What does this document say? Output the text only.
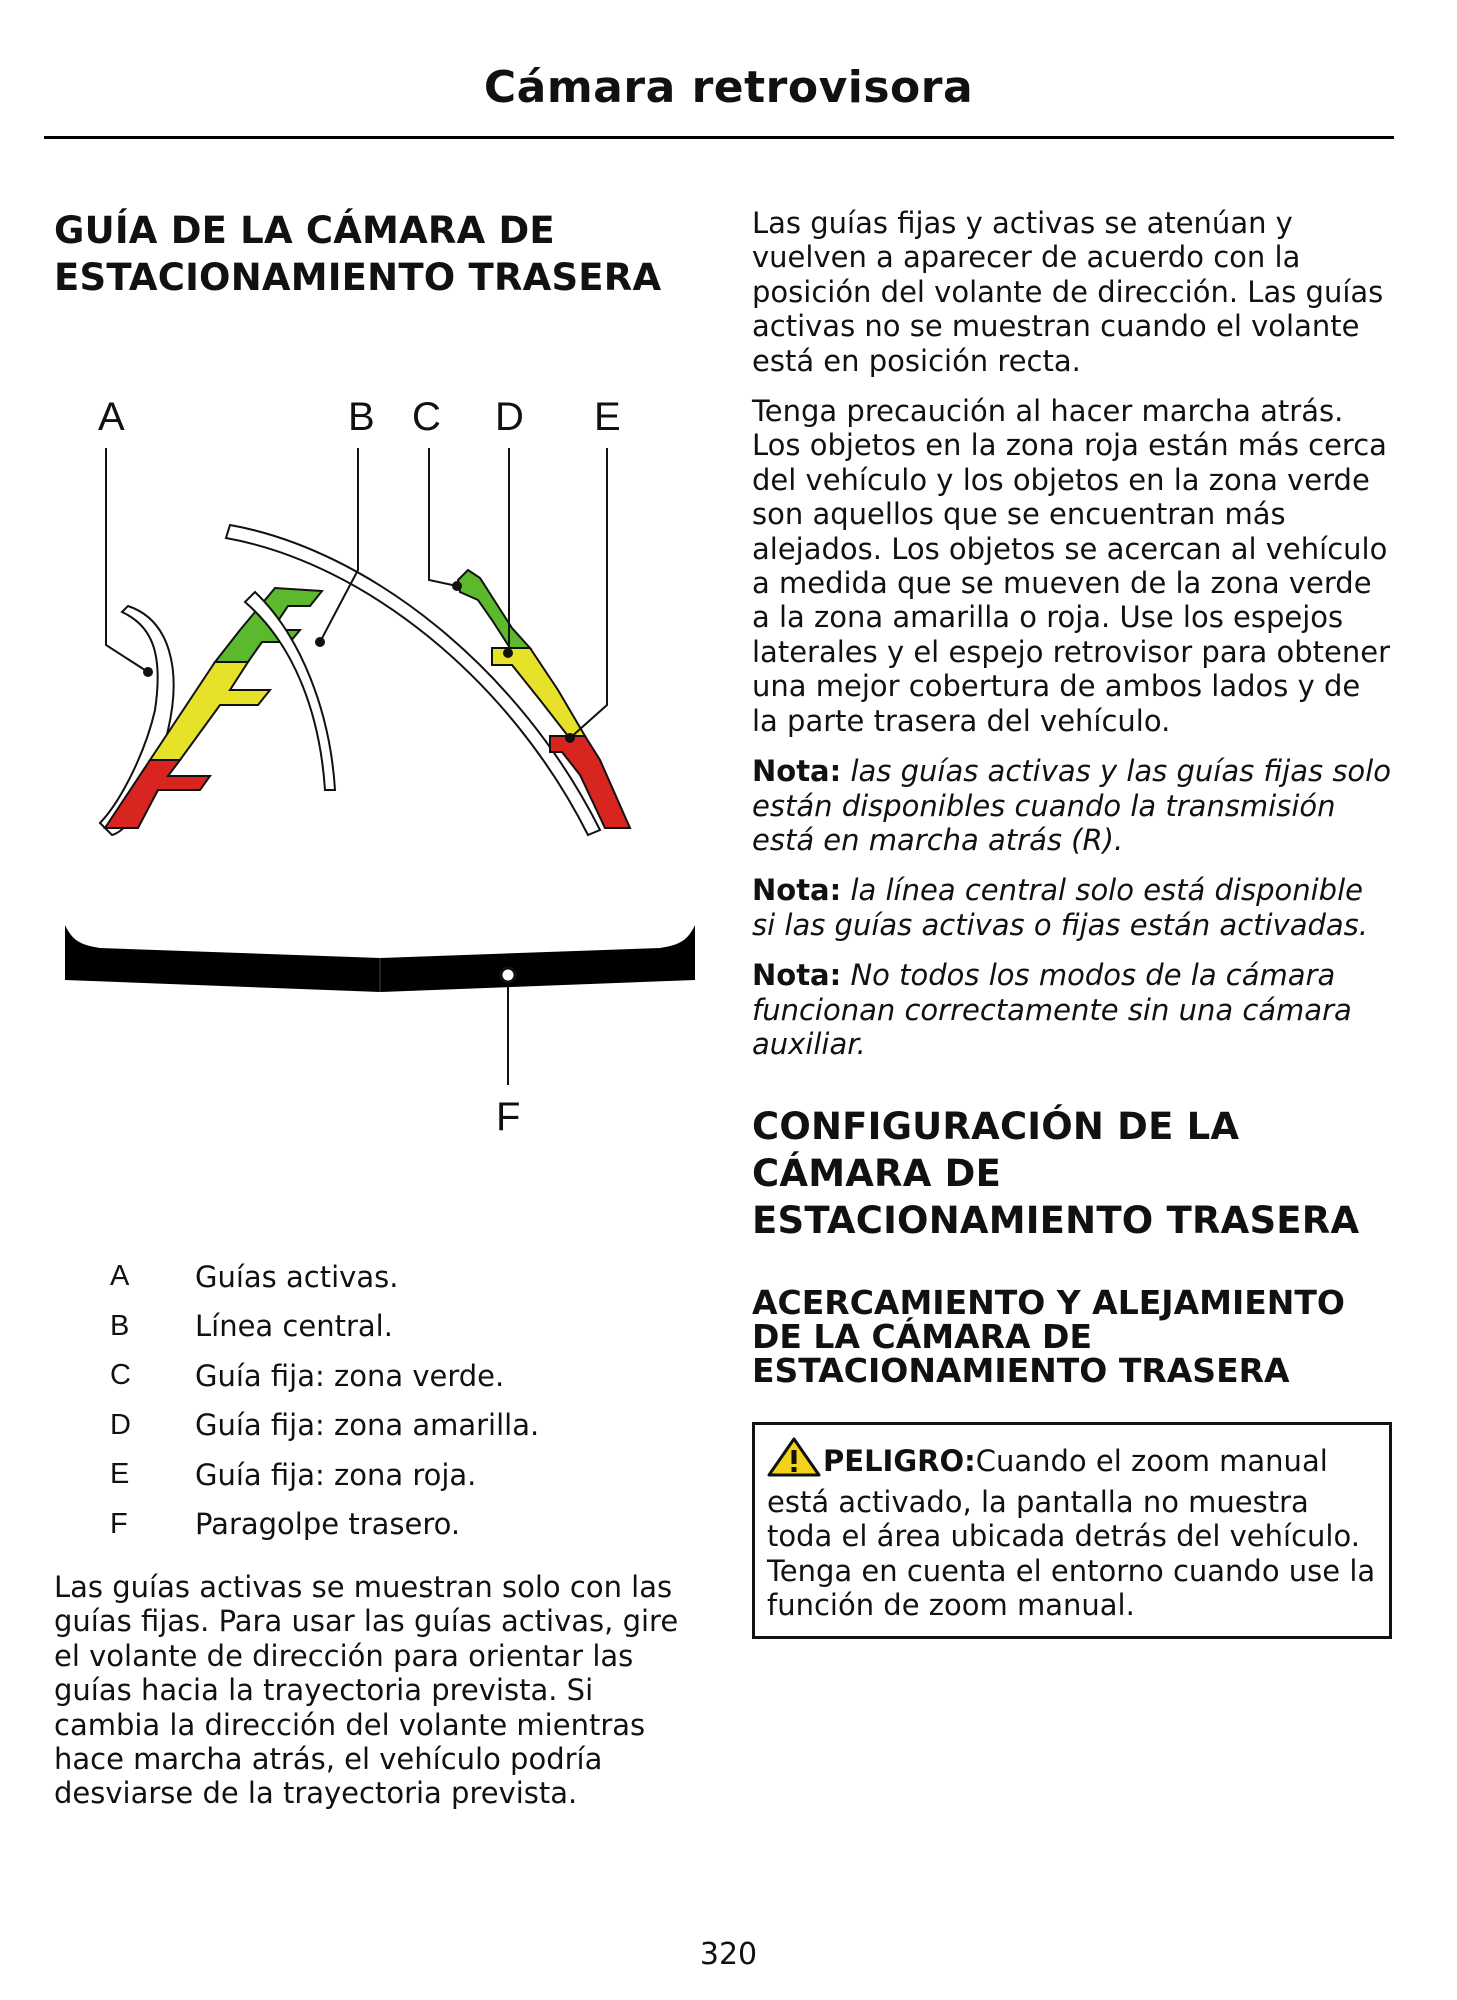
Cámara retrovisora
GUÍA DE LA CÁMARA DE
ESTACIONAMIENTO TRASERA
A	B C D E
F
A	Guías activas.
B	Línea central.
C	Guía fija: zona verde.
D	Guía fija: zona amarilla.
E	Guía fija: zona roja.
F	Paragolpe trasero.

Las guías activas se muestran solo con las guías fijas. Para usar las guías activas, gire el volante de dirección para orientar las guías hacia la trayectoria prevista. Si cambia la dirección del volante mientras hace marcha atrás, el vehículo podría desviarse de la trayectoria prevista.

Las guías fijas y activas se atenúan y vuelven a aparecer de acuerdo con la posición del volante de dirección. Las guías activas no se muestran cuando el volante está en posición recta.

Tenga precaución al hacer marcha atrás. Los objetos en la zona roja están más cerca del vehículo y los objetos en la zona verde son aquellos que se encuentran más alejados. Los objetos se acercan al vehículo a medida que se mueven de la zona verde a la zona amarilla o roja. Use los espejos laterales y el espejo retrovisor para obtener una mejor cobertura de ambos lados y de la parte trasera del vehículo.

Nota: las guías activas y las guías fijas solo están disponibles cuando la transmisión está en marcha atrás (R).

Nota: la línea central solo está disponible si las guías activas o fijas están activadas.

Nota: No todos los modos de la cámara funcionan correctamente sin una cámara auxiliar.

CONFIGURACIÓN DE LA
CÁMARA DE
ESTACIONAMIENTO TRASERA
ACERCAMIENTO Y ALEJAMIENTO
DE LA CÁMARA DE
ESTACIONAMIENTO TRASERA

PELIGRO:Cuando el zoom manual está activado, la pantalla no muestra toda el área ubicada detrás del vehículo. Tenga en cuenta el entorno cuando use la función de zoom manual.

320
